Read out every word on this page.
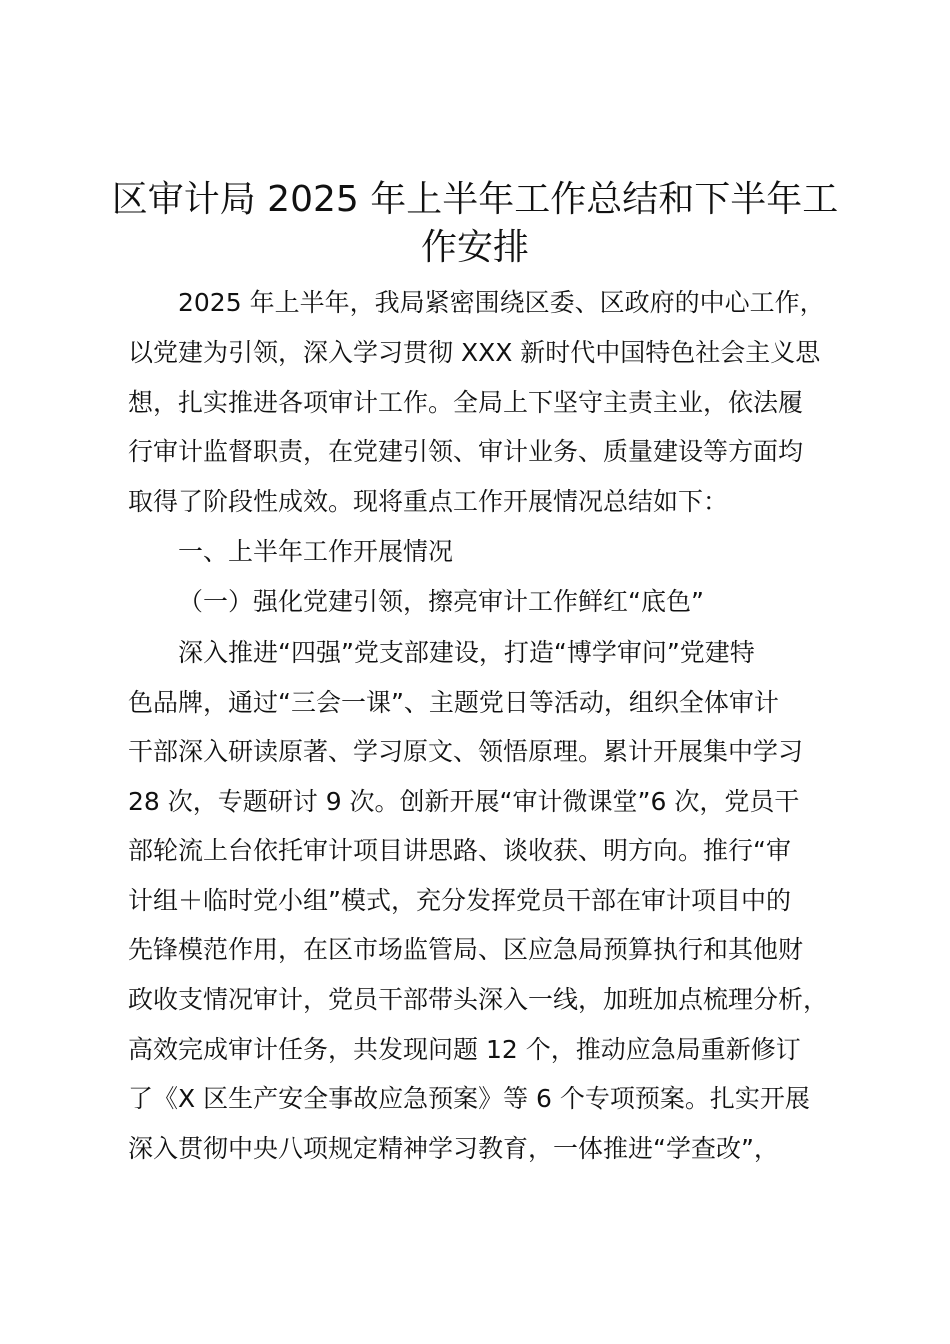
区审计局 2025 年上半年工作总结和下半年工
作安排

2025 年上半年，我局紧密围绕区委、区政府的中心工作，

以党建为引领，深入学习贯彻 XXX 新时代中国特色社会主义思

想，扎实推进各项审计工作。全局上下坚守主责主业，依法履

行审计监督职责，在党建引领、审计业务、质量建设等方面均

取得了阶段性成效。现将重点工作开展情况总结如下：

一、上半年工作开展情况

（一）强化党建引领，擦亮审计工作鲜红“底色”

深入推进“四强”党支部建设，打造“博学审问”党建特

色品牌，通过“三会一课”、主题党日等活动，组织全体审计

干部深入研读原著、学习原文、领悟原理。累计开展集中学习

28 次，专题研讨 9 次。创新开展“审计微课堂”6 次，党员干

部轮流上台依托审计项目讲思路、谈收获、明方向。推行“审

计组＋临时党小组”模式，充分发挥党员干部在审计项目中的

先锋模范作用，在区市场监管局、区应急局预算执行和其他财

政收支情况审计，党员干部带头深入一线，加班加点梳理分析，

高效完成审计任务，共发现问题 12 个，推动应急局重新修订

了《X 区生产安全事故应急预案》等 6 个专项预案。扎实开展

深入贯彻中央八项规定精神学习教育，一体推进“学查改”，
